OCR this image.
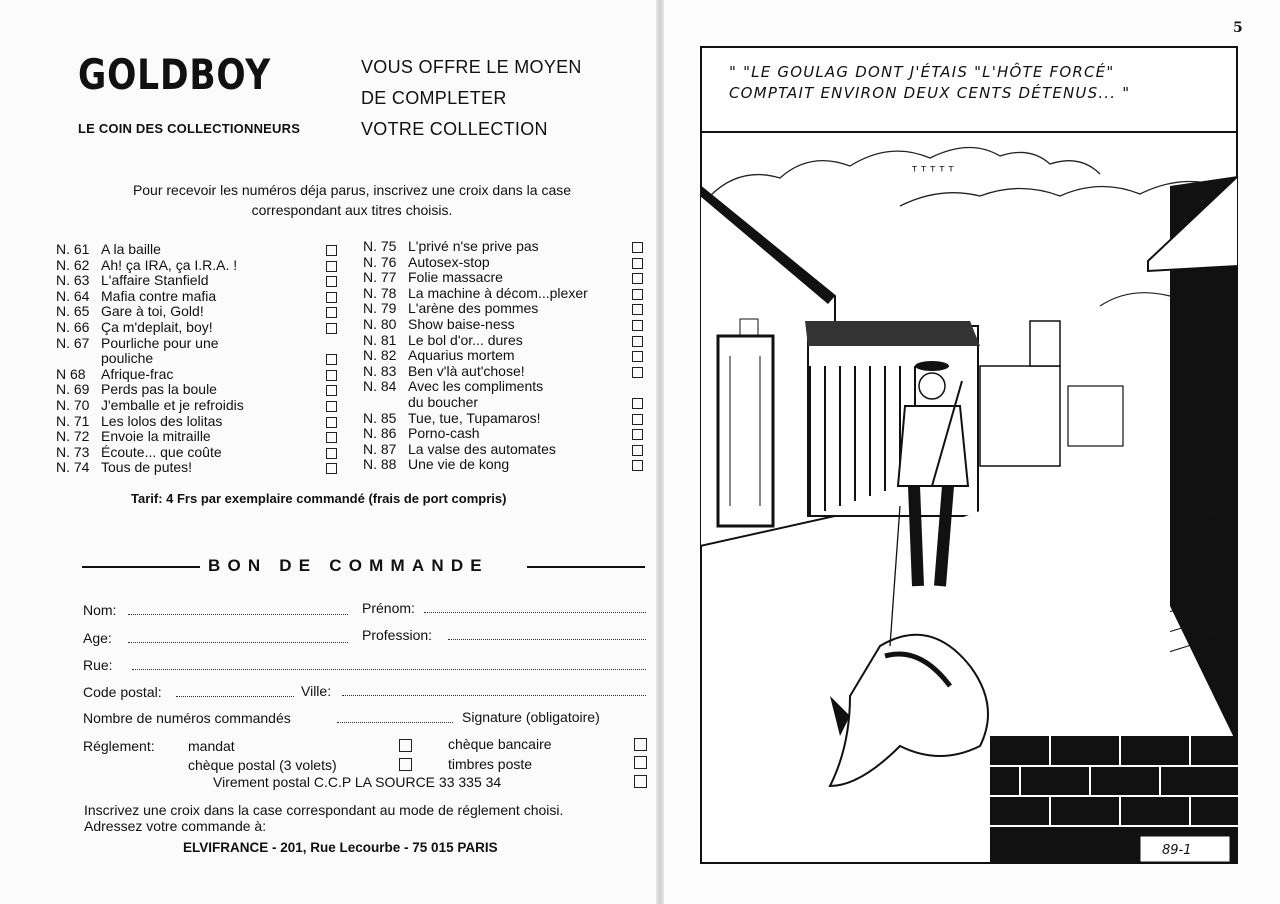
GOLDBOY
LE COIN DES COLLECTIONNEURS
VOUS OFFRE LE MOYEN
DE COMPLETER
VOTRE COLLECTION
Pour recevoir les numéros déja parus, inscrivez une croix dans la case
correspondant aux titres choisis.
N. 61 A la baille
N. 62 Ah! ça IRA, ça I.R.A. !
N. 63 L'affaire Stanfield
N. 64 Mafia contre mafia
N. 65 Gare à toi, Gold!
N. 66 Ça m'deplait, boy!
N. 67 Pourliche pour une
pouliche
N 68	Afrique-frac
N. 69 Perds pas la boule
N. 70 J'emballe et je refroidis
N. 71 Les lolos des lolitas
N. 72 Envoie la mitraille
N. 73 Écoute... que coûte
N. 74 Tous de putes!
N. 75 L'privé n'se prive pas
N. 76 Autosex-stop
N. 77 Folie massacre
N. 78 La machine à décom...plexer
N. 79 L'arène des pommes
N. 80 Show baise-ness
N. 81 Le bol d'or... dures
N. 82 Aquarius mortem
N. 83 Ben v'là aut'chose!
N. 84 Avec les compliments
du boucher
N. 85 Tue, tue, Tupamaros!
N. 86 Porno-cash
N. 87 La valse des automates
N. 88 Une vie de kong
Tarif: 4 Frs par exemplaire commandé (frais de port compris)
BON DE COMMANDE
Nom:	Prénom:
Age:	Profession:
Rue:
Code postal:	Ville:
Nombre de numéros commandés	Signature (obligatoire)
Réglement: mandat	chèque bancaire
chèque postal (3 volets)	timbres poste
Virement postal C.C.P LA SOURCE 33 335 34
Inscrivez une croix dans la case correspondant au mode de réglement choisi.
Adressez votre commande à:
ELVIFRANCE - 201, Rue Lecourbe - 75 015 PARIS
5
ᵀ ᵀ ᵀ ᵀ ᵀ
" "LE GOULAG DONT J'ÉTAIS "L'HÔTE FORCÉ"
COMPTAIT ENVIRON DEUX CENTS DÉTENUS... "
89-1
